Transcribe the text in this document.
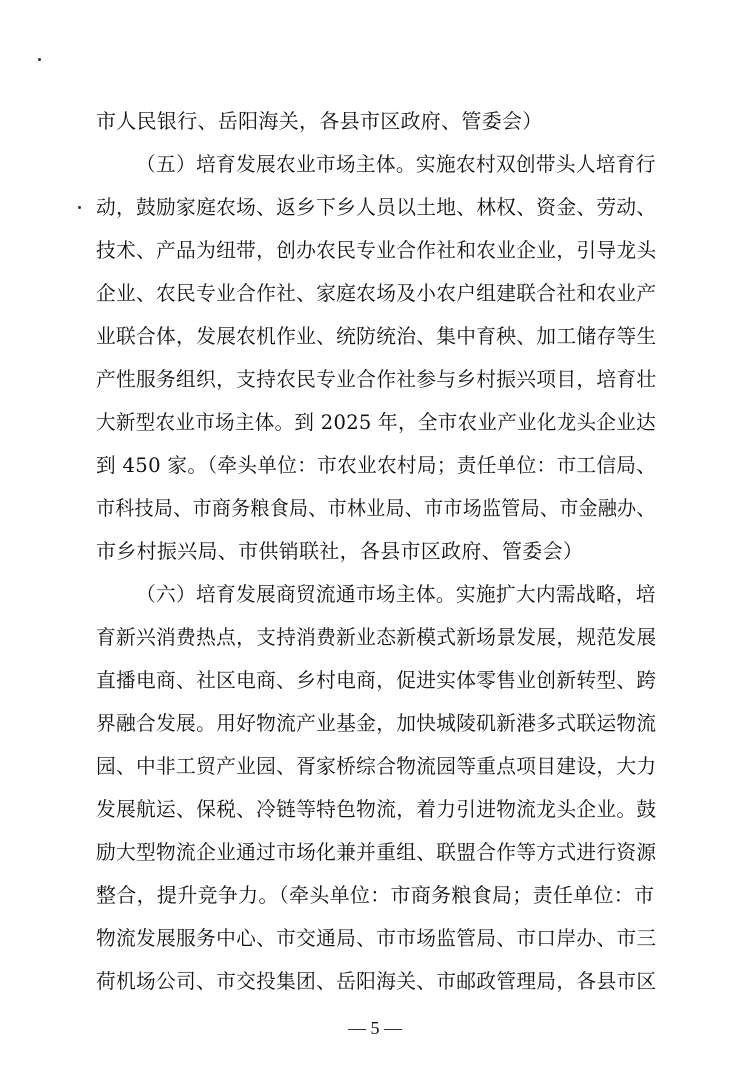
市人民银行、岳阳海关，各县市区政府、管委会）
（五）培育发展农业市场主体。实施农村双创带头人培育行
动，鼓励家庭农场、返乡下乡人员以土地、林权、资金、劳动、
技术、产品为纽带，创办农民专业合作社和农业企业，引导龙头
企业、农民专业合作社、家庭农场及小农户组建联合社和农业产
业联合体，发展农机作业、统防统治、集中育秧、加工储存等生
产性服务组织，支持农民专业合作社参与乡村振兴项目，培育壮
大新型农业市场主体。到 2025 年，全市农业产业化龙头企业达
到 450 家。（牵头单位：市农业农村局；责任单位：市工信局、
市科技局、市商务粮食局、市林业局、市市场监管局、市金融办、
市乡村振兴局、市供销联社，各县市区政府、管委会）
（六）培育发展商贸流通市场主体。实施扩大内需战略，培
育新兴消费热点，支持消费新业态新模式新场景发展，规范发展
直播电商、社区电商、乡村电商，促进实体零售业创新转型、跨
界融合发展。用好物流产业基金，加快城陵矶新港多式联运物流
园、中非工贸产业园、胥家桥综合物流园等重点项目建设，大力
发展航运、保税、冷链等特色物流，着力引进物流龙头企业。鼓
励大型物流企业通过市场化兼并重组、联盟合作等方式进行资源
整合，提升竞争力。（牵头单位：市商务粮食局；责任单位：市
物流发展服务中心、市交通局、市市场监管局、市口岸办、市三
荷机场公司、市交投集团、岳阳海关、市邮政管理局，各县市区
— 5 —
